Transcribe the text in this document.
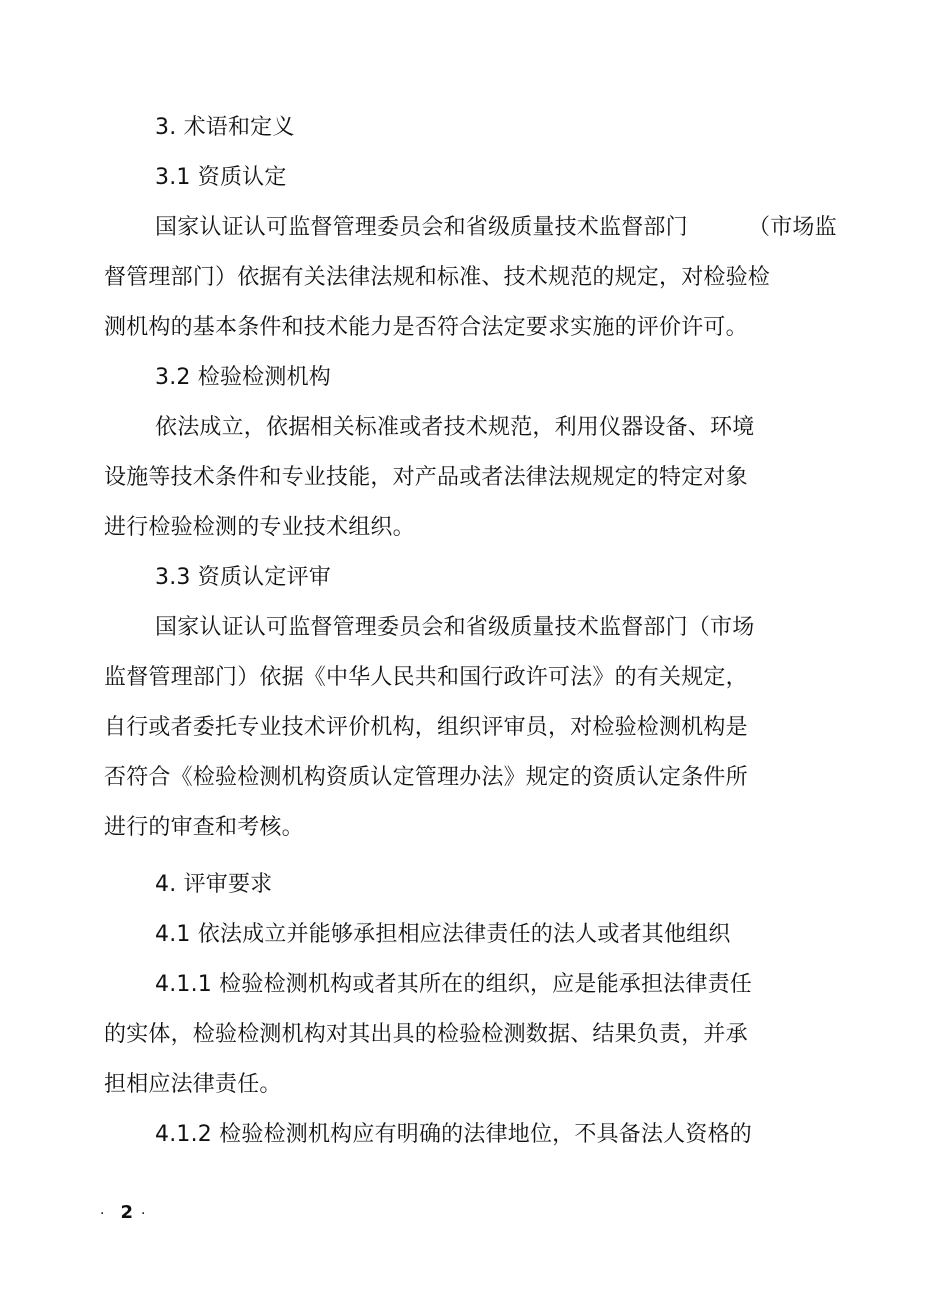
3. 术语和定义
3.1 资质认定
国家认证认可监督管理委员会和省级质量技术监督部门	（市场监
督管理部门）依据有关法律法规和标准、技术规范的规定，对检验检
测机构的基本条件和技术能力是否符合法定要求实施的评价许可。
3.2 检验检测机构
依法成立，依据相关标准或者技术规范，利用仪器设备、环境
设施等技术条件和专业技能，对产品或者法律法规规定的特定对象
进行检验检测的专业技术组织。
3.3 资质认定评审
国家认证认可监督管理委员会和省级质量技术监督部门（市场
监督管理部门）依据《中华人民共和国行政许可法》的有关规定，
自行或者委托专业技术评价机构，组织评审员，对检验检测机构是
否符合《检验检测机构资质认定管理办法》规定的资质认定条件所
进行的审查和考核。
4. 评审要求
4.1 依法成立并能够承担相应法律责任的法人或者其他组织
4.1.1 检验检测机构或者其所在的组织，应是能承担法律责任
的实体，检验检测机构对其出具的检验检测数据、结果负责，并承
担相应法律责任。
4.1.2 检验检测机构应有明确的法律地位，不具备法人资格的
· 2 ·
